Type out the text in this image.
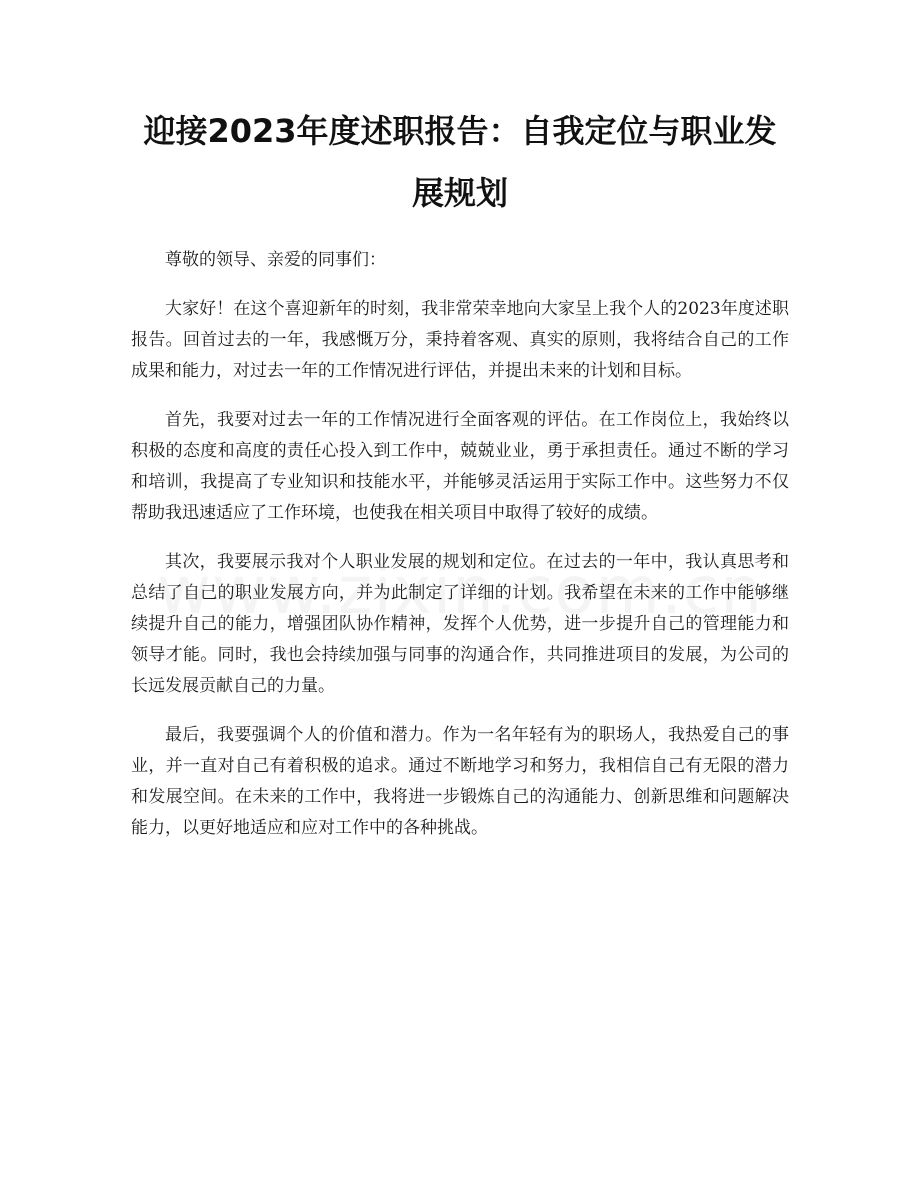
迎接2023年度述职报告：自我定位与职业发展规划

尊敬的领导、亲爱的同事们：

大家好！在这个喜迎新年的时刻，我非常荣幸地向大家呈上我个人的2023年度述职报告。回首过去的一年，我感慨万分，秉持着客观、真实的原则，我将结合自己的工作成果和能力，对过去一年的工作情况进行评估，并提出未来的计划和目标。

首先，我要对过去一年的工作情况进行全面客观的评估。在工作岗位上，我始终以积极的态度和高度的责任心投入到工作中，兢兢业业，勇于承担责任。通过不断的学习和培训，我提高了专业知识和技能水平，并能够灵活运用于实际工作中。这些努力不仅帮助我迅速适应了工作环境，也使我在相关项目中取得了较好的成绩。

其次，我要展示我对个人职业发展的规划和定位。在过去的一年中，我认真思考和总结了自己的职业发展方向，并为此制定了详细的计划。我希望在未来的工作中能够继续提升自己的能力，增强团队协作精神，发挥个人优势，进一步提升自己的管理能力和领导才能。同时，我也会持续加强与同事的沟通合作，共同推进项目的发展，为公司的长远发展贡献自己的力量。

最后，我要强调个人的价值和潜力。作为一名年轻有为的职场人，我热爱自己的事业，并一直对自己有着积极的追求。通过不断地学习和努力，我相信自己有无限的潜力和发展空间。在未来的工作中，我将进一步锻炼自己的沟通能力、创新思维和问题解决能力，以更好地适应和应对工作中的各种挑战。
